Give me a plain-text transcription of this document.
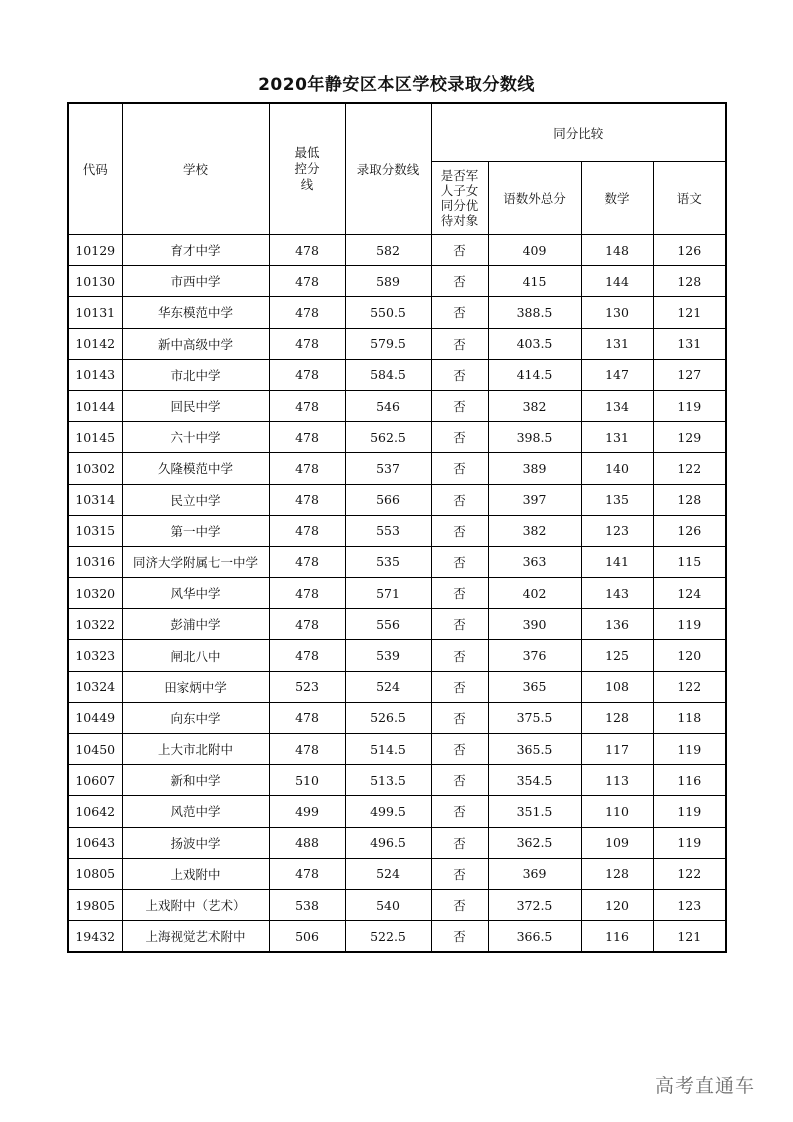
2020年静安区本区学校录取分数线
代码	学校	最低控分线	录取分数线	同分比较			
				是否军人子女同分优待对象	语数外总分	数学	语文
10129	育才中学	478	582	否	409	148	126
10130	市西中学	478	589	否	415	144	128
10131	华东模范中学	478	550.5	否	388.5	130	121
10142	新中高级中学	478	579.5	否	403.5	131	131
10143	市北中学	478	584.5	否	414.5	147	127
10144	回民中学	478	546	否	382	134	119
10145	六十中学	478	562.5	否	398.5	131	129
10302	久隆模范中学	478	537	否	389	140	122
10314	民立中学	478	566	否	397	135	128
10315	第一中学	478	553	否	382	123	126
10316	同济大学附属七一中学	478	535	否	363	141	115
10320	风华中学	478	571	否	402	143	124
10322	彭浦中学	478	556	否	390	136	119
10323	闸北八中	478	539	否	376	125	120
10324	田家炳中学	523	524	否	365	108	122
10449	向东中学	478	526.5	否	375.5	128	118
10450	上大市北附中	478	514.5	否	365.5	117	119
10607	新和中学	510	513.5	否	354.5	113	116
10642	风范中学	499	499.5	否	351.5	110	119
10643	扬波中学	488	496.5	否	362.5	109	119
10805	上戏附中	478	524	否	369	128	122
19805	上戏附中（艺术）	538	540	否	372.5	120	123
19432	上海视觉艺术附中	506	522.5	否	366.5	116	121
高考直通车
